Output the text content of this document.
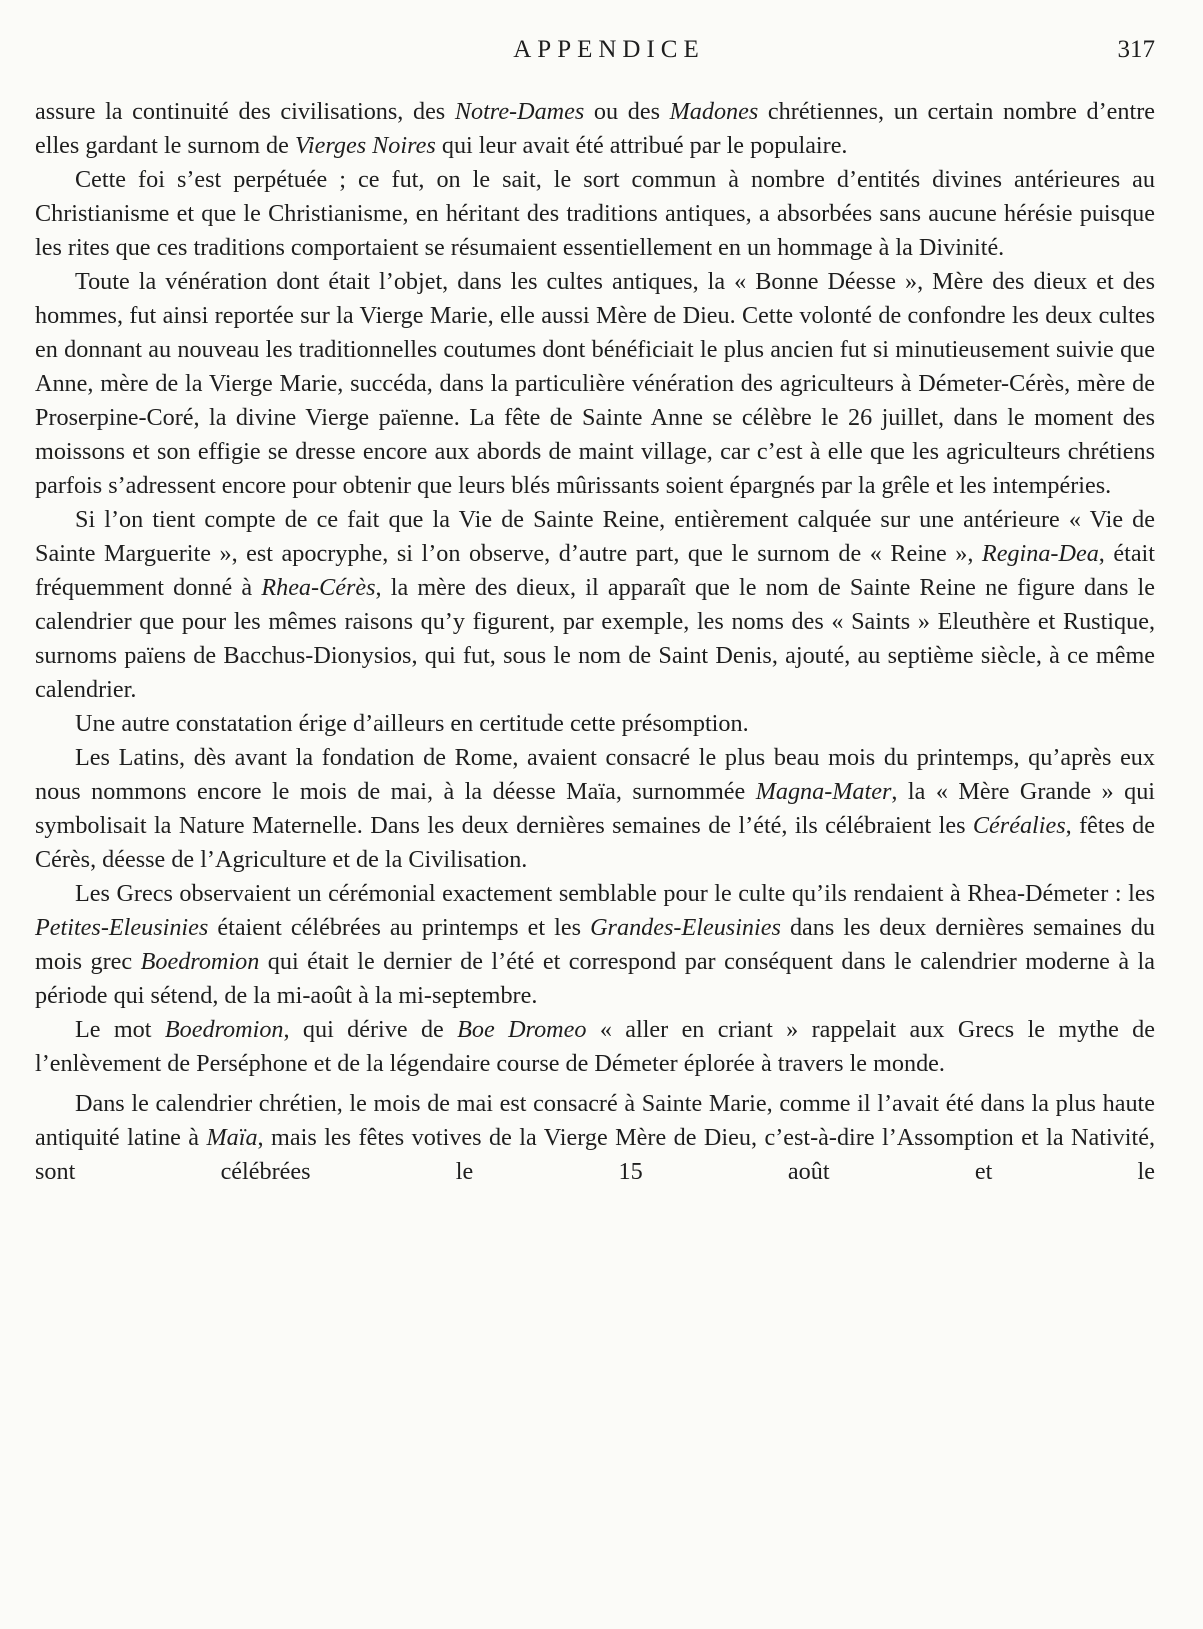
APPENDICE	317

assure la continuité des civilisations, des Notre-Dames ou des Madones chrétiennes, un certain nombre d’entre elles gardant le surnom de Vierges Noires qui leur avait été attribué par le populaire.

Cette foi s’est perpétuée ; ce fut, on le sait, le sort commun à nombre d’entités divines antérieures au Christianisme et que le Christianisme, en héritant des traditions antiques, a absorbées sans aucune hérésie puisque les rites que ces traditions comportaient se résumaient essentiellement en un hommage à la Divinité.

Toute la vénération dont était l’objet, dans les cultes antiques, la « Bonne Déesse », Mère des dieux et des hommes, fut ainsi reportée sur la Vierge Marie, elle aussi Mère de Dieu. Cette volonté de confondre les deux cultes en donnant au nouveau les traditionnelles coutumes dont bénéficiait le plus ancien fut si minutieusement suivie que Anne, mère de la Vierge Marie, succéda, dans la particulière vénération des agriculteurs à Démeter-Cérès, mère de Proserpine-Coré, la divine Vierge païenne. La fête de Sainte Anne se célèbre le 26 juillet, dans le moment des moissons et son effigie se dresse encore aux abords de maint village, car c’est à elle que les agriculteurs chrétiens parfois s’adressent encore pour obtenir que leurs blés mûrissants soient épargnés par la grêle et les intempéries.

Si l’on tient compte de ce fait que la Vie de Sainte Reine, entièrement calquée sur une antérieure « Vie de Sainte Marguerite », est apocryphe, si l’on observe, d’autre part, que le surnom de « Reine », Regina-Dea, était fréquemment donné à Rhea-Cérès, la mère des dieux, il apparaît que le nom de Sainte Reine ne figure dans le calendrier que pour les mêmes raisons qu’y figurent, par exemple, les noms des « Saints » Eleuthère et Rustique, surnoms païens de Bacchus-Dionysios, qui fut, sous le nom de Saint Denis, ajouté, au septième siècle, à ce même calendrier.

Une autre constatation érige d’ailleurs en certitude cette présomption.

Les Latins, dès avant la fondation de Rome, avaient consacré le plus beau mois du printemps, qu’après eux nous nommons encore le mois de mai, à la déesse Maïa, surnommée Magna-Mater, la « Mère Grande » qui symbolisait la Nature Maternelle. Dans les deux dernières semaines de l’été, ils célébraient les Céréalies, fêtes de Cérès, déesse de l’Agriculture et de la Civilisation.

Les Grecs observaient un cérémonial exactement semblable pour le culte qu’ils rendaient à Rhea-Démeter : les Petites-Eleusinies étaient célébrées au printemps et les Grandes-Eleusinies dans les deux dernières semaines du mois grec Boedromion qui était le dernier de l’été et correspond par conséquent dans le calendrier moderne à la période qui sétend, de la mi-août à la mi-septembre.

Le mot Boedromion, qui dérive de Boe Dromeo « aller en criant » rappelait aux Grecs le mythe de l’enlèvement de Perséphone et de la légendaire course de Démeter éplorée à travers le monde.

Dans le calendrier chrétien, le mois de mai est consacré à Sainte Marie, comme il l’avait été dans la plus haute antiquité latine à Maïa, mais les fêtes votives de la Vierge Mère de Dieu, c’est-à-dire l’Assomption et la Nativité, sont célébrées le 15 août et le
